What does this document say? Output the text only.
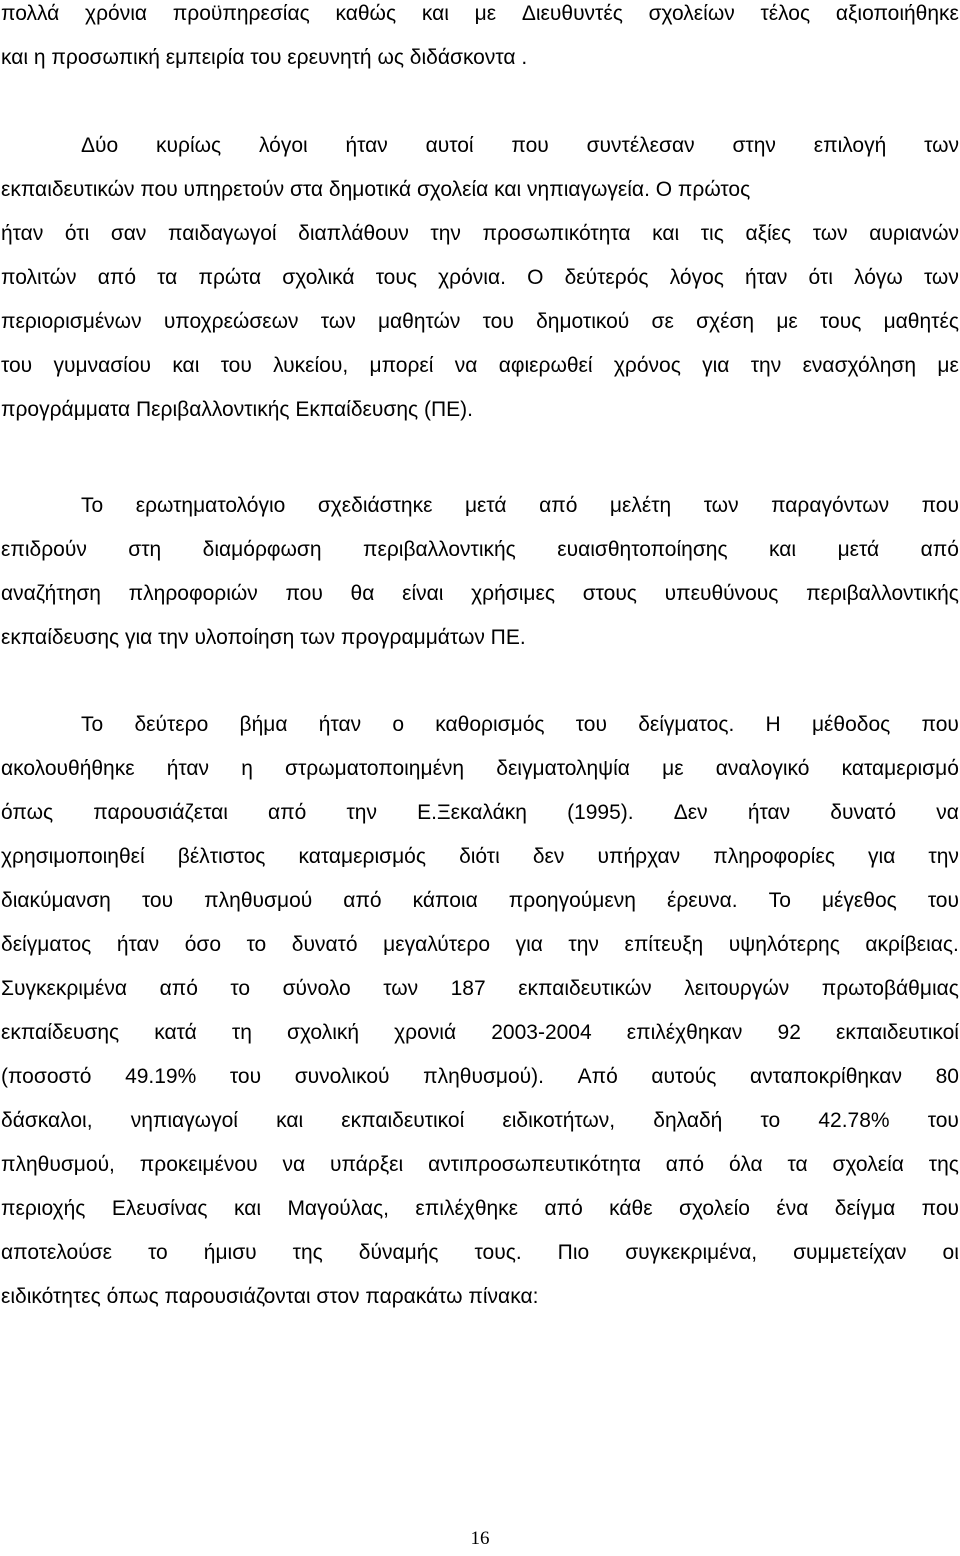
πολλά χρόνια προϋπηρεσίας καθώς και με Διευθυντές σχολείων τέλος αξιοποιήθηκε
και η προσωπική εμπειρία του ερευνητή ως διδάσκοντα .
Δύο κυρίως λόγοι ήταν αυτοί που συντέλεσαν στην επιλογή των
εκπαιδευτικών που υπηρετούν στα δημοτικά σχολεία και νηπιαγωγεία. Ο πρώτος
ήταν ότι σαν παιδαγωγοί διαπλάθουν την προσωπικότητα και τις αξίες των αυριανών
πολιτών από τα πρώτα σχολικά τους χρόνια. Ο δεύτερός λόγος ήταν ότι λόγω των
περιορισμένων υποχρεώσεων των μαθητών του δημοτικού σε σχέση με τους μαθητές
του γυμνασίου και του λυκείου, μπορεί να αφιερωθεί χρόνος για την ενασχόληση με
προγράμματα Περιβαλλοντικής Εκπαίδευσης (ΠΕ).
Το ερωτηματολόγιο σχεδιάστηκε μετά από μελέτη των παραγόντων που
επιδρούν στη διαμόρφωση περιβαλλοντικής ευαισθητοποίησης και μετά από
αναζήτηση πληροφοριών που θα είναι χρήσιμες στους υπευθύνους περιβαλλοντικής
εκπαίδευσης για την υλοποίηση των προγραμμάτων ΠΕ.
Το δεύτερο βήμα ήταν ο καθορισμός του δείγματος. Η μέθοδος που
ακολουθήθηκε ήταν η στρωματοποιημένη δειγματοληψία με αναλογικό καταμερισμό
όπως παρουσιάζεται από την Ε.Ξεκαλάκη (1995). Δεν ήταν δυνατό να
χρησιμοποιηθεί βέλτιστος καταμερισμός διότι δεν υπήρχαν πληροφορίες για την
διακύμανση του πληθυσμού από κάποια προηγούμενη έρευνα. Το μέγεθος του
δείγματος ήταν όσο το δυνατό μεγαλύτερο για την επίτευξη υψηλότερης ακρίβειας.
Συγκεκριμένα από το σύνολο των 187 εκπαιδευτικών λειτουργών πρωτοβάθμιας
εκπαίδευσης κατά τη σχολική χρονιά 2003-2004 επιλέχθηκαν 92 εκπαιδευτικοί
(ποσοστό 49.19% του συνολικού πληθυσμού). Από αυτούς ανταποκρίθηκαν 80
δάσκαλοι, νηπιαγωγοί και εκπαιδευτικοί ειδικοτήτων, δηλαδή το 42.78% του
πληθυσμού, προκειμένου να υπάρξει αντιπροσωπευτικότητα από όλα τα σχολεία της
περιοχής Ελευσίνας και Μαγούλας, επιλέχθηκε από κάθε σχολείο ένα δείγμα που
αποτελούσε το ήμισυ της δύναμής τους. Πιο συγκεκριμένα, συμμετείχαν οι
ειδικότητες όπως παρουσιάζονται στον παρακάτω πίνακα:
16
